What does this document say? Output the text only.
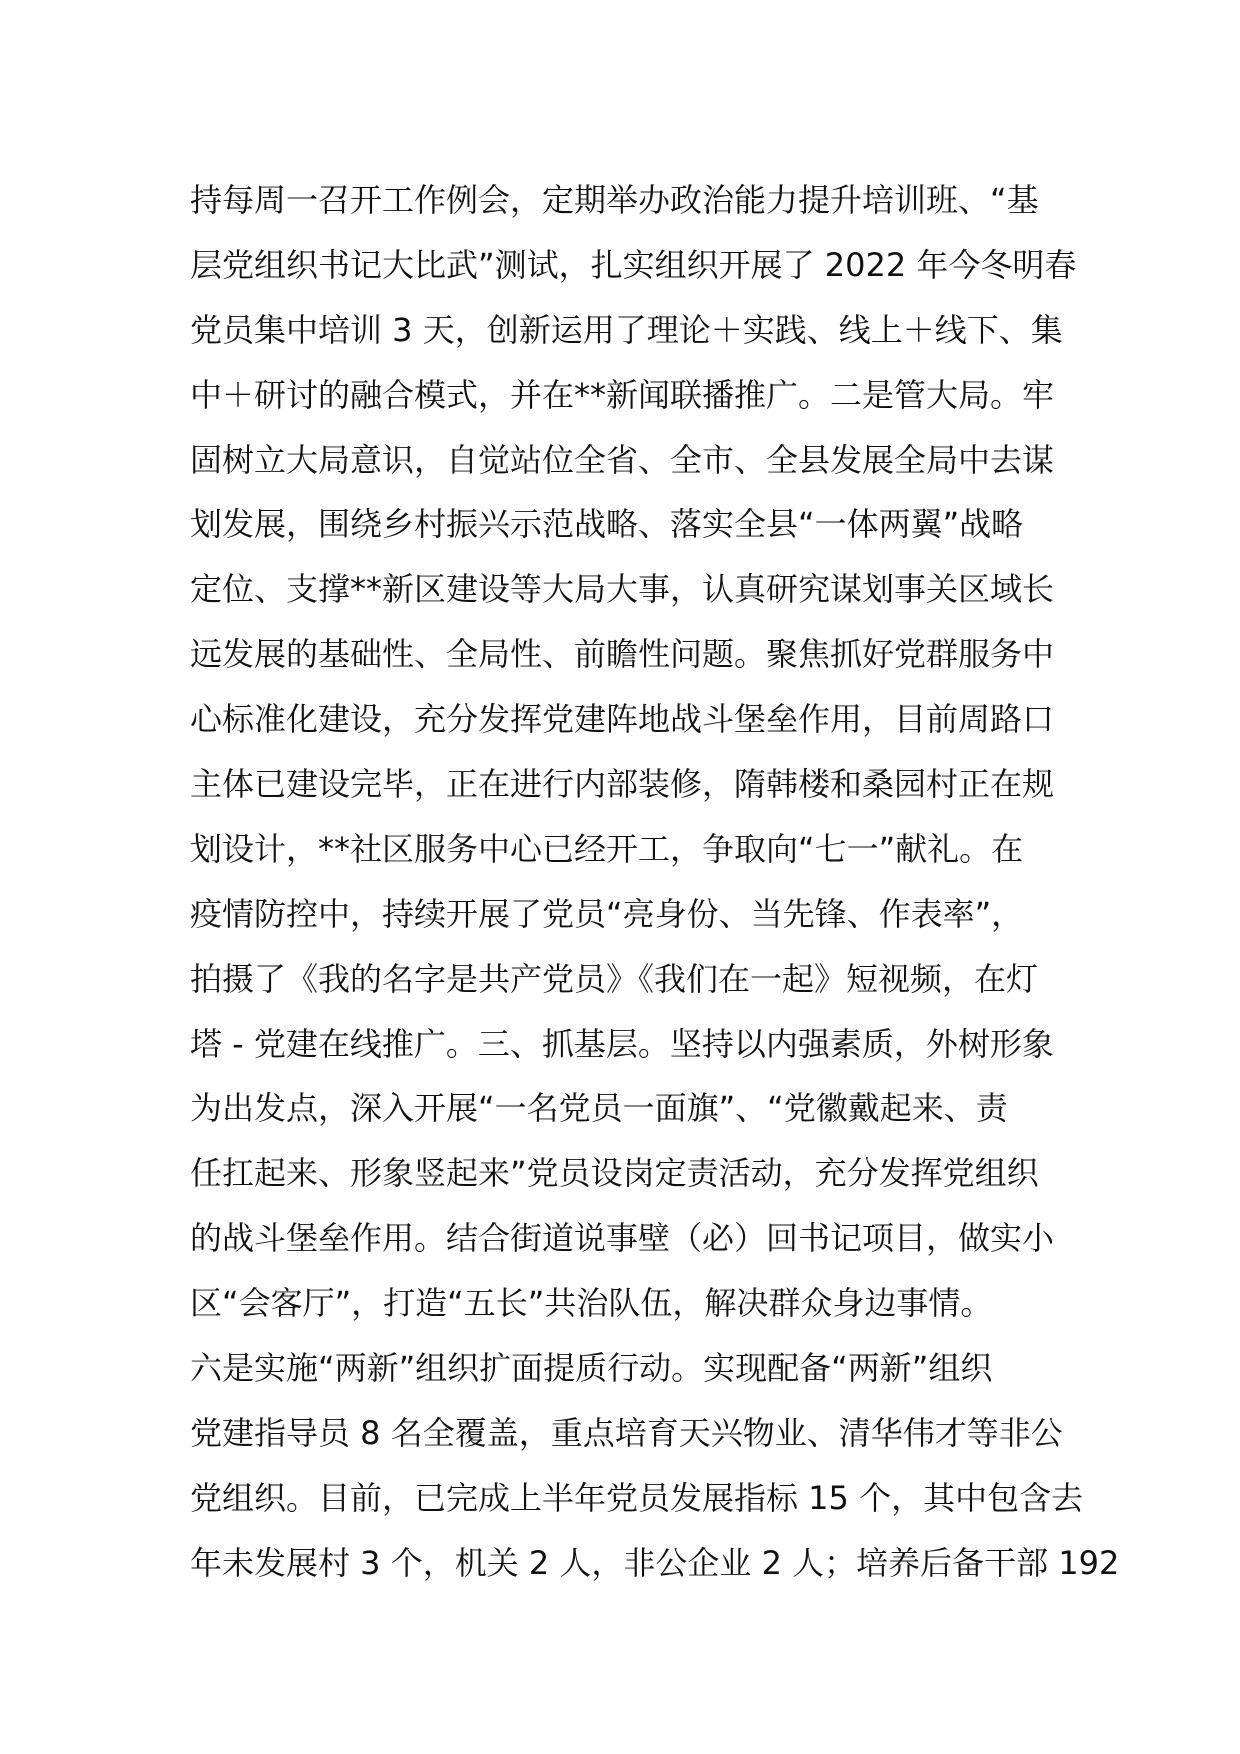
持每周一召开工作例会，定期举办政治能力提升培训班、“基
层党组织书记大比武”测试，扎实组织开展了 2022 年今冬明春
党员集中培训 3 天，创新运用了理论＋实践、线上＋线下、集
中＋研讨的融合模式，并在**新闻联播推广。二是管大局。牢
固树立大局意识，自觉站位全省、全市、全县发展全局中去谋
划发展，围绕乡村振兴示范战略、落实全县“一体两翼”战略
定位、支撑**新区建设等大局大事，认真研究谋划事关区域长
远发展的基础性、全局性、前瞻性问题。聚焦抓好党群服务中
心标准化建设，充分发挥党建阵地战斗堡垒作用，目前周路口
主体已建设完毕，正在进行内部装修，隋韩楼和桑园村正在规
划设计，**社区服务中心已经开工，争取向“七一”献礼。在
疫情防控中，持续开展了党员“亮身份、当先锋、作表率”，
拍摄了《我的名字是共产党员》《我们在一起》短视频，在灯
塔 - 党建在线推广。三、抓基层。坚持以内强素质，外树形象
为出发点，深入开展“一名党员一面旗”、“党徽戴起来、责
任扛起来、形象竖起来”党员设岗定责活动，充分发挥党组织
的战斗堡垒作用。结合街道说事壁（必）回书记项目，做实小
区“会客厅”，打造“五长”共治队伍，解决群众身边事情。
六是实施“两新”组织扩面提质行动。实现配备“两新”组织
党建指导员 8 名全覆盖，重点培育天兴物业、清华伟才等非公
党组织。目前，已完成上半年党员发展指标 15 个，其中包含去
年未发展村 3 个，机关 2 人，非公企业 2 人；培养后备干部 192
